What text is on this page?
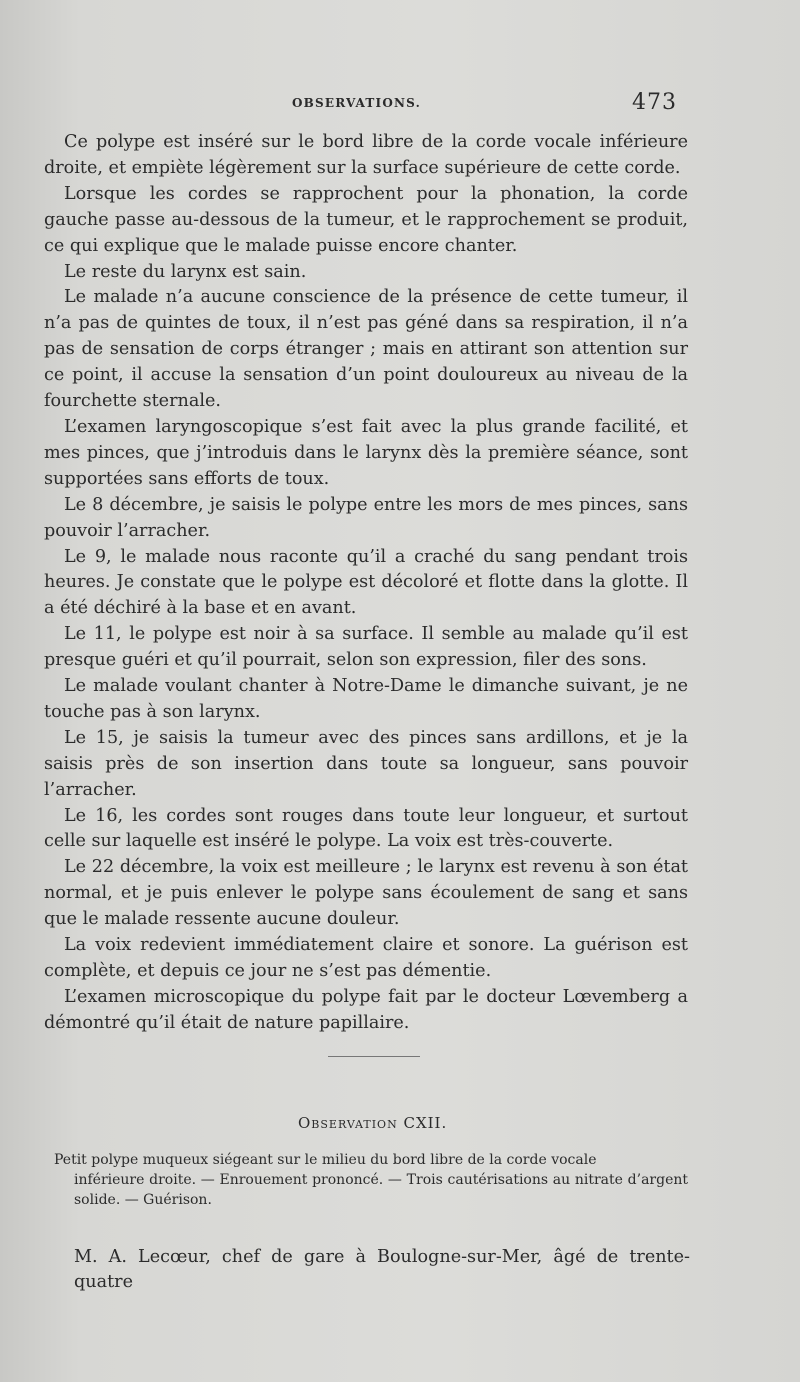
OBSERVATIONS.	473

Ce polype est inséré sur le bord libre de la corde vocale inférieure droite, et empiète légèrement sur la surface supérieure de cette corde.

Lorsque les cordes se rapprochent pour la phonation, la corde gauche passe au-dessous de la tumeur, et le rapprochement se produit, ce qui explique que le malade puisse encore chanter.

Le reste du larynx est sain.

Le malade n’a aucune conscience de la présence de cette tumeur, il n’a pas de quintes de toux, il n’est pas géné dans sa respiration, il n’a pas de sensation de corps étranger ; mais en attirant son attention sur ce point, il accuse la sensation d’un point douloureux au niveau de la fourchette sternale.

L’examen laryngoscopique s’est fait avec la plus grande facilité, et mes pinces, que j’introduis dans le larynx dès la première séance, sont supportées sans efforts de toux.

Le 8 décembre, je saisis le polype entre les mors de mes pinces, sans pouvoir l’arracher.

Le 9, le malade nous raconte qu’il a craché du sang pendant trois heures. Je constate que le polype est décoloré et flotte dans la glotte. Il a été déchiré à la base et en avant.

Le 11, le polype est noir à sa surface. Il semble au malade qu’il est presque guéri et qu’il pourrait, selon son expression, filer des sons.

Le malade voulant chanter à Notre-Dame le dimanche suivant, je ne touche pas à son larynx.

Le 15, je saisis la tumeur avec des pinces sans ardillons, et je la saisis près de son insertion dans toute sa longueur, sans pouvoir l’arracher.

Le 16, les cordes sont rouges dans toute leur longueur, et surtout celle sur laquelle est inséré le polype. La voix est très-couverte.

Le 22 décembre, la voix est meilleure ; le larynx est revenu à son état normal, et je puis enlever le polype sans écoulement de sang et sans que le malade ressente aucune douleur.

La voix redevient immédiatement claire et sonore. La guérison est complète, et depuis ce jour ne s’est pas démentie.

L’examen microscopique du polype fait par le docteur Lœvemberg a démontré qu’il était de nature papillaire.

Observation CXII.

Petit polype muqueux siégeant sur le milieu du bord libre de la corde vocale

inférieure droite. — Enrouement prononcé. — Trois cautérisations au nitrate d’argent solide. — Guérison.

M. A. Lecœur, chef de gare à Boulogne-sur-Mer, âgé de trente-quatre
